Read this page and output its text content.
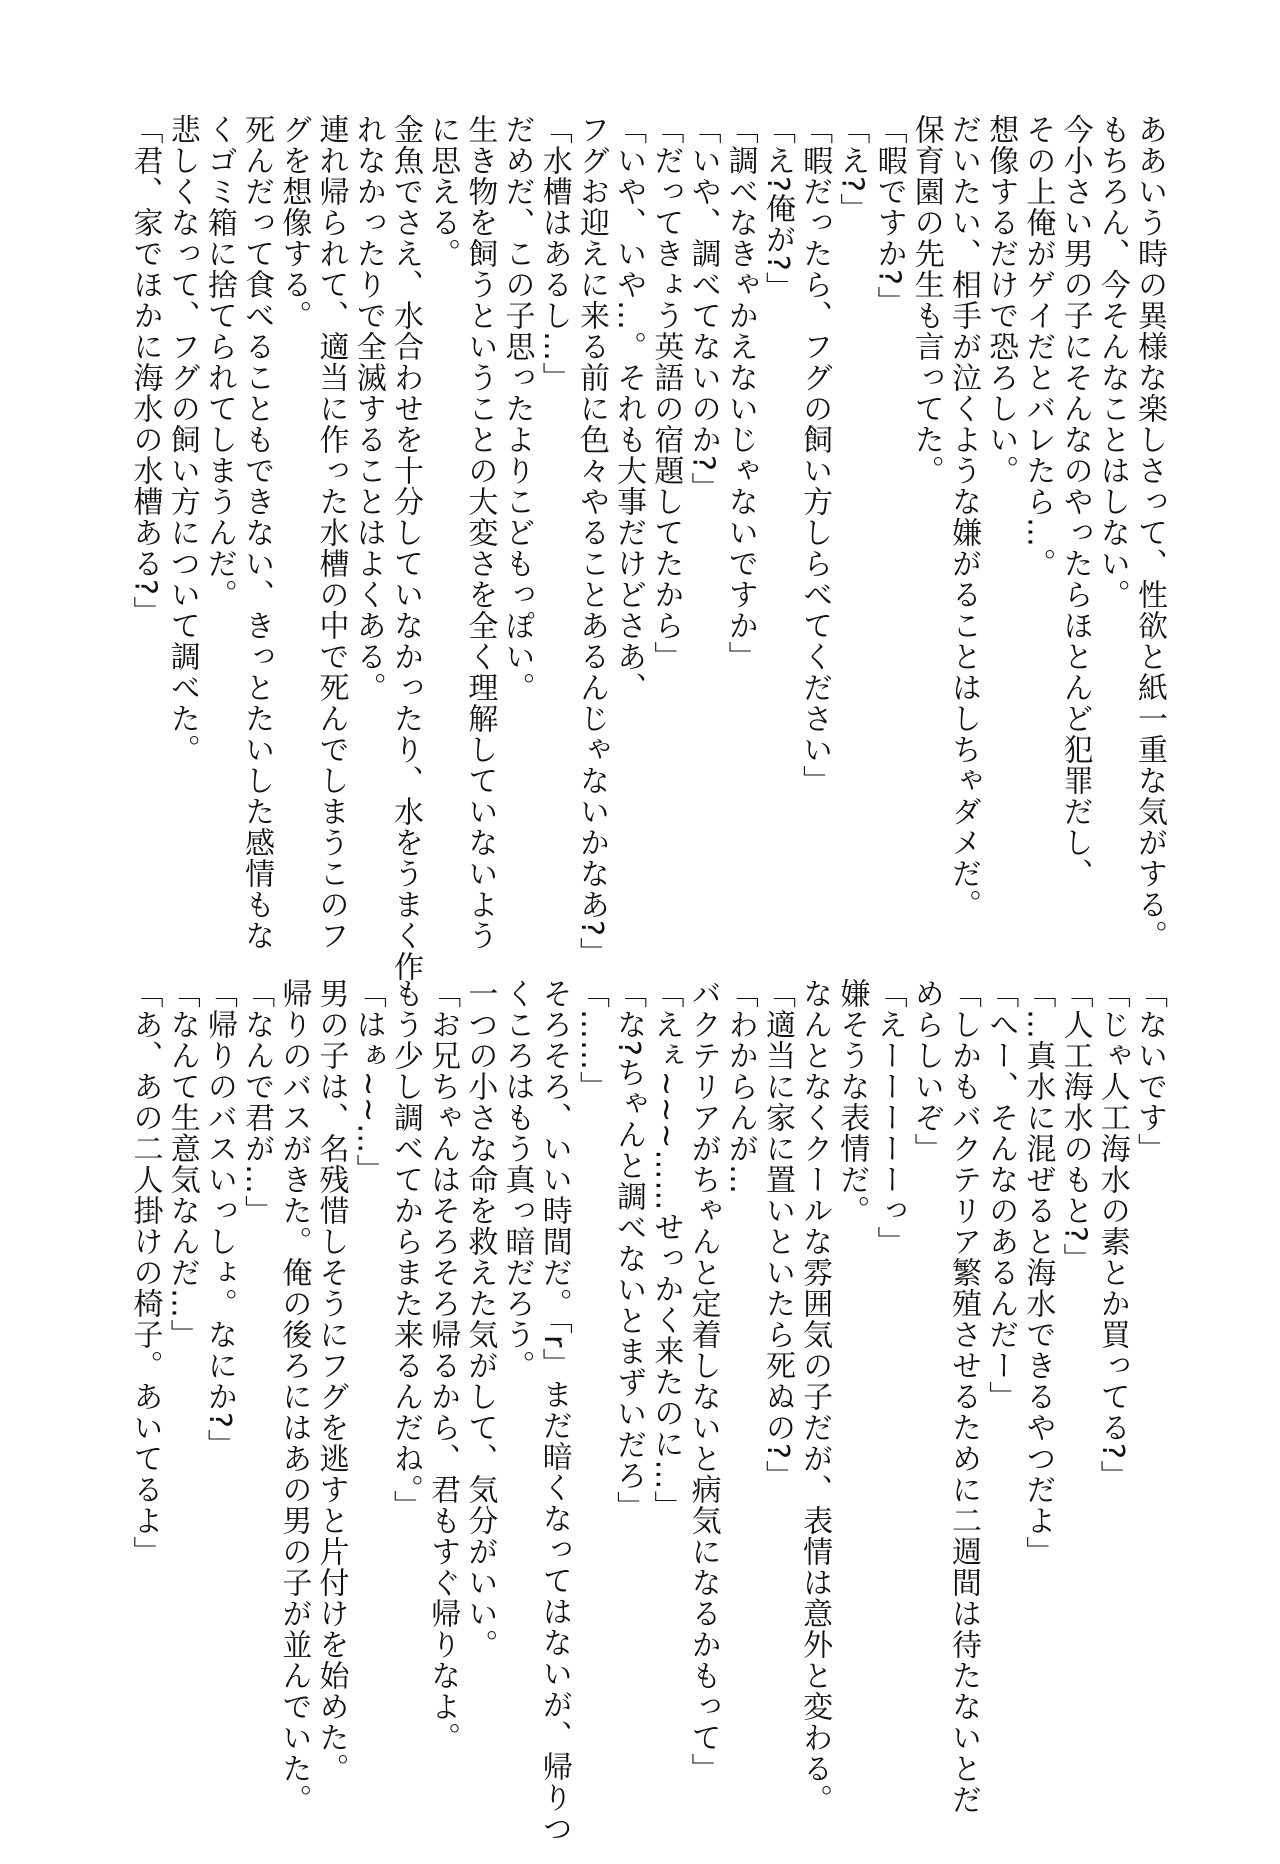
ああいう時の異様な楽しさって、性欲と紙一重な気がする。
もちろん、今そんなことはしない。
今小さい男の子にそんなのやったらほとんど犯罪だし、
その上俺がゲイだとバレたら…。
想像するだけで恐ろしい。
だいたい、相手が泣くような嫌がることはしちゃダメだ。
保育園の先生も言ってた。
「暇ですか?」
「え?」
「暇だったら、フグの飼い方しらべてください」
「え?俺が?」
「調べなきゃかえないじゃないですか」
「いや、調べてないのか?」
「だってきょう英語の宿題してたから」
「いや、いや…。それも大事だけどさあ、
フグお迎えに来る前に色々やることあるんじゃないかなあ?」
「水槽はあるし…」
だめだ、この子思ったよりこどもっぽい。
生き物を飼うということの大変さを全く理解していないよう
に思える。
金魚でさえ、水合わせを十分していなかったり、水をうまく作
れなかったりで全滅することはよくある。
連れ帰られて、適当に作った水槽の中で死んでしまうこのフ
グを想像する。
死んだって食べることもできない、きっとたいした感情もな
くゴミ箱に捨てられてしまうんだ。
悲しくなって、フグの飼い方について調べた。
「君、家でほかに海水の水槽ある?」
「ないです」
「じゃ人工海水の素とか買ってる?」
「人工海水のもと?」
「…真水に混ぜると海水できるやつだよ」
「へー、そんなのあるんだー」
「しかもバクテリア繁殖させるために二週間は待たないとだ
めらしいぞ」
「えーーーーーっ」
嫌そうな表情だ。
なんとなくクールな雰囲気の子だが、表情は意外と変わる。
「適当に家に置いといたら死ぬの?」
「わからんが…
バクテリアがちゃんと定着しないと病気になるかもって」
「えぇ~~~……せっかく来たのに…」
「な?ちゃんと調べないとまずいだろ」
「……」
そろそろ、いい時間だ。「r」まだ暗くなってはないが、帰りつ
くころはもう真っ暗だろう。
一つの小さな命を救えた気がして、気分がいい。
「お兄ちゃんはそろそろ帰るから、君もすぐ帰りなよ。
もう少し調べてからまた来るんだね。」
「はぁ~~…」
男の子は、名残惜しそうにフグを逃すと片付けを始めた。
帰りのバスがきた。俺の後ろにはあの男の子が並んでいた。
「なんで君が…」
「帰りのバスいっしょ。なにか?」
「なんて生意気なんだ…」
「あ、あの二人掛けの椅子。あいてるよ」
